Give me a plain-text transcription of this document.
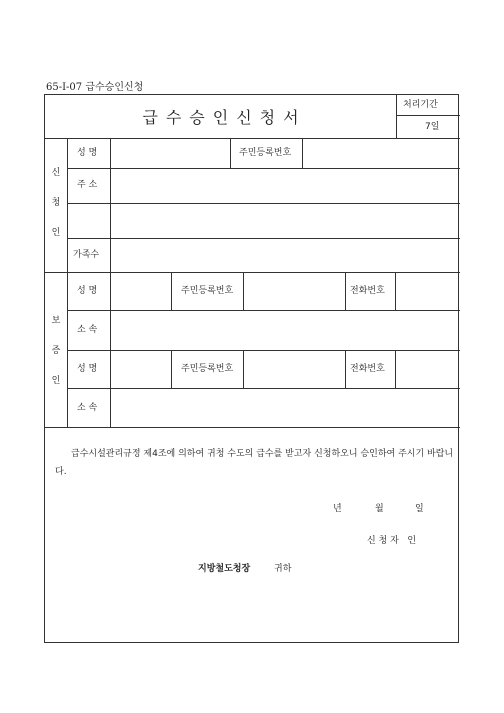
65-I-07 급수승인신청
급수승인신청서
처리기간
7일
신
청
인
성 명	주민등록번호
주 소
가족수
보
증
인
성 명	주민등록번호	전화번호
소 속
성 명	주민등록번호	전화번호
소 속
급수시설관리규정 제4조에 의하여 귀청 수도의 급수를 받고자 신청하오니 승인하여 주시기 바랍니다.
년	월	일
신 청 자   인
지방철도청장	귀하
